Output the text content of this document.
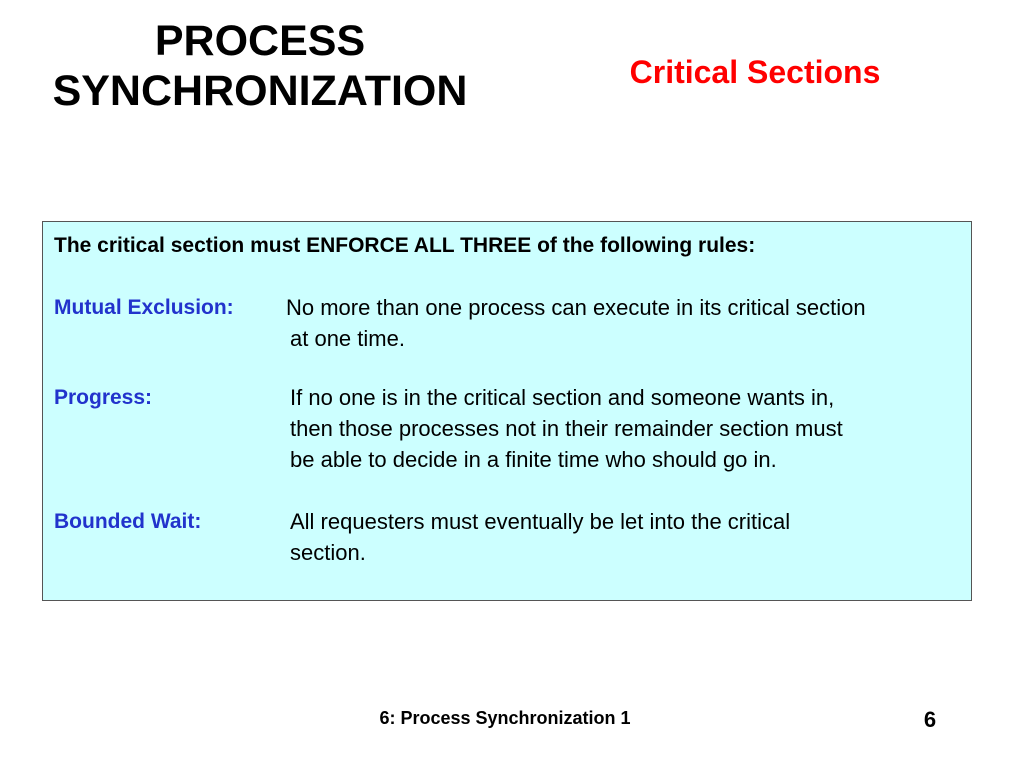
PROCESS
SYNCHRONIZATION	Critical Sections
The critical section must ENFORCE ALL THREE of the following rules:
Mutual Exclusion: No more than one process can execute in its critical section
at one time.
Progress:	If no one is in the critical section and someone wants in,
then those processes not in their remainder section must
be able to decide in a finite time who should go in.
Bounded Wait:	All requesters must eventually be let into the critical
section.
6: Process Synchronization 1	6
